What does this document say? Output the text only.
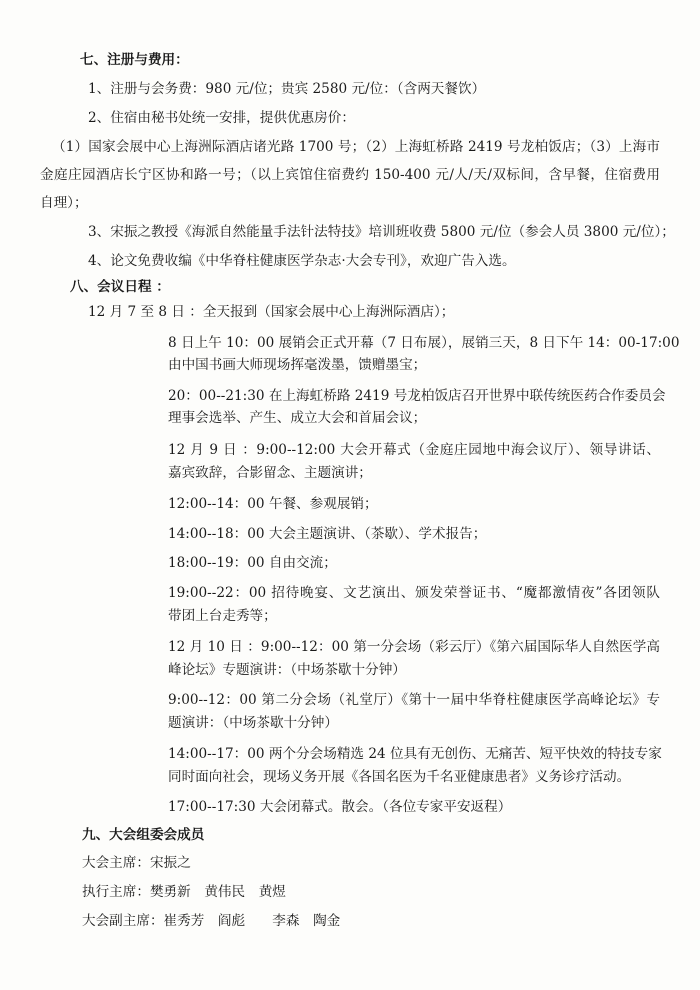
七、注册与费用：
1、注册与会务费：980 元/位；贵宾 2580 元/位：（含两天餐饮）
2、住宿由秘书处统一安排，提供优惠房价：
（1）国家会展中心上海洲际酒店诸光路 1700 号；（2）上海虹桥路 2419 号龙柏饭店；（3）上海市
金庭庄园酒店长宁区协和路一号；（以上宾馆住宿费约 150-400 元/人/天/双标间，含早餐，住宿费用
自理）；
3、宋振之教授《海派自然能量手法针法特技》培训班收费 5800 元/位（参会人员 3800 元/位）；
4、论文免费收编《中华脊柱健康医学杂志·大会专刊》，欢迎广告入选。
八、会议日程 ：
12 月 7 至 8 日 ：全天报到（国家会展中心上海洲际酒店）；
8 日上午 10：00 展销会正式开幕（7 日布展），展销三天，8 日下午 14：00-17:00
由中国书画大师现场挥毫泼墨，馈赠墨宝；
20：00--21:30 在上海虹桥路 2419 号龙柏饭店召开世界中联传统医药合作委员会
理事会选举、产生、成立大会和首届会议；
12 月 9 日 ：9:00--12:00 大会开幕式（金庭庄园地中海会议厅）、领导讲话、
嘉宾致辞，合影留念、主题演讲；
12:00--14：00 午餐、参观展销；
14:00--18：00 大会主题演讲、（茶歇）、学术报告；
18:00--19：00 自由交流；
19:00--22：00 招待晚宴、文艺演出、颁发荣誉证书、“魔都激情夜”各团领队
带团上台走秀等；
12 月 10 日 ：9:00--12：00 第一分会场（彩云厅）《第六届国际华人自然医学高
峰论坛》专题演讲：（中场茶歇十分钟）
9:00--12：00 第二分会场（礼堂厅）《第十一届中华脊柱健康医学高峰论坛》专
题演讲：（中场茶歇十分钟）
14:00--17：00 两个分会场精选 24 位具有无创伤、无痛苦、短平快效的特技专家
同时面向社会，现场义务开展《各国名医为千名亚健康患者》义务诊疗活动。
17:00--17:30 大会闭幕式。散会。（各位专家平安返程）
九、大会组委会成员
大会主席：宋振之
执行主席：樊勇新　黄伟民　黄煜
大会副主席：崔秀芳　阎彪　　李森　陶金
